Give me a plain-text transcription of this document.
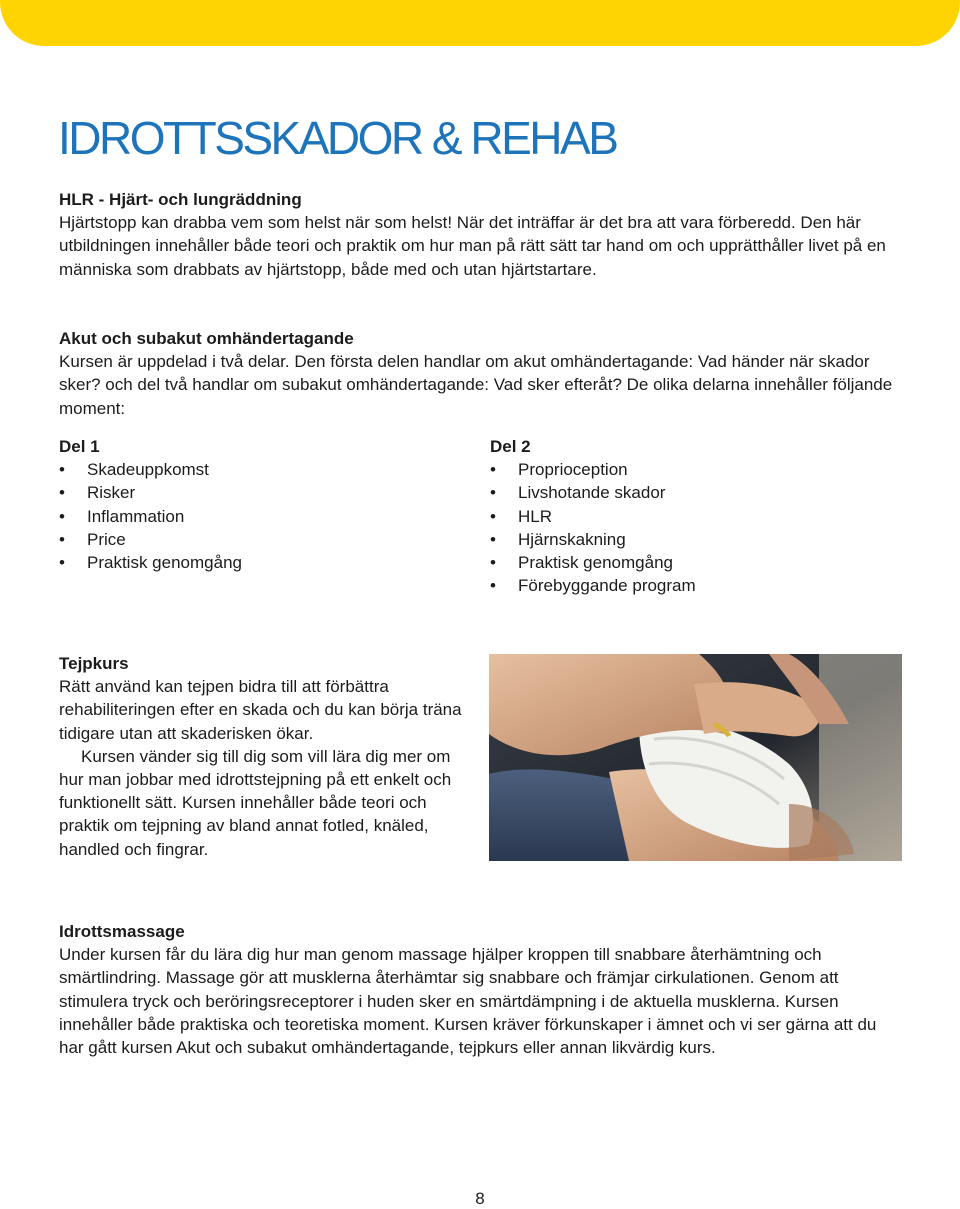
IDROTTSSKADOR & REHAB
HLR - Hjärt- och lungräddning

Hjärtstopp kan drabba vem som helst när som helst! När det inträffar är det bra att vara förberedd. Den här utbildningen innehåller både teori och praktik om hur man på rätt sätt tar hand om och upprätthåller livet på en människa som drabbats av hjärtstopp, både med och utan hjärtstartare.

Akut och subakut omhändertagande

Kursen är uppdelad i två delar. Den första delen handlar om akut omhändertagande: Vad händer när skador sker? och del två handlar om subakut omhändertagande: Vad sker efteråt? De olika delarna innehåller följande moment:

Del 1
• Skadeuppkomst
• Risker
• Inflammation
• Price
• Praktisk genomgång
Del 2
• Proprioception
• Livshotande skador
• HLR
• Hjärnskakning
• Praktisk genomgång
• Förebyggande program
Tejpkurs

Rätt använd kan tejpen bidra till att förbättra rehabiliteringen efter en skada och du kan börja träna tidigare utan att skaderisken ökar.

Kursen vänder sig till dig som vill lära dig mer om hur man jobbar med idrottstejpning på ett enkelt och funktionellt sätt. Kursen innehåller både teori och praktik om tejpning av bland annat fotled, knäled, handled och fingrar.

Idrottsmassage

Under kursen får du lära dig hur man genom massage hjälper kroppen till snabbare återhämtning och smärtlindring. Massage gör att musklerna återhämtar sig snabbare och främjar cirkulationen. Genom att stimulera tryck och beröringsreceptorer i huden sker en smärtdämpning i de aktuella musklerna. Kursen innehåller både praktiska och teoretiska moment. Kursen kräver förkunskaper i ämnet och vi ser gärna att du har gått kursen Akut och subakut omhändertagande, tejpkurs eller annan likvärdig kurs.

8
